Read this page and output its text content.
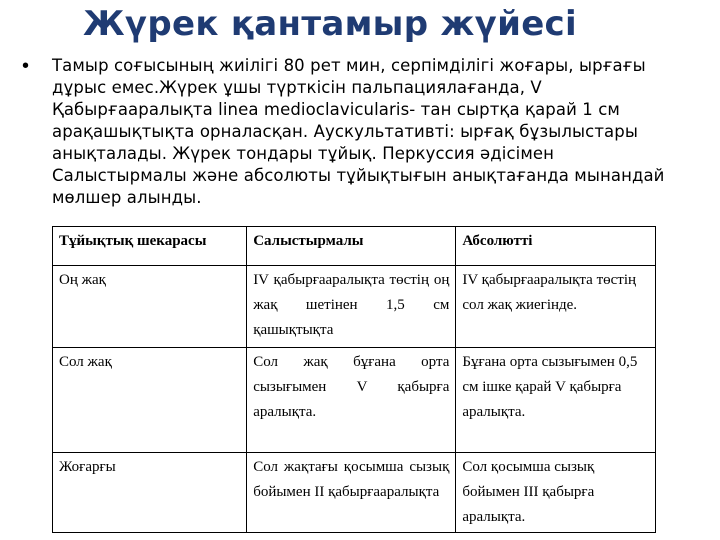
Жүрек қантамыр жүйесі
• Тамыр соғысының жиілігі 80 рет мин, серпімділігі жоғары, ырғағы дұрыс емес.Жүрек ұшы түрткісін пальпациялағанда, V Қабырғааралықта linea medioclavicularis- тан сыртқа қарай 1 см арақашықтықта орналасқан. Аускультативті: ырғақ бұзылыстары анықталады. Жүрек тондары тұйық. Перкуссия әдісімен Салыстырмалы және абсолюты тұйықтығын анықтағанда мынандай мөлшер алынды.
Тұйықтық шекарасы	Салыстырмалы	Абсолютті
Оң жақ	IV қабырғааралықта төстің оң жақ шетінен 1,5 см қашықтықта	IV қабырғааралықта төстің сол жақ жиегінде.
Сол жақ	Сол жақ бұғана орта сызығымен V қабырға аралықта.	Бұғана орта сызығымен 0,5 см ішке қарай V қабырға аралықта.
Жоғарғы	Сол жақтағы қосымша сызық бойымен II қабырғааралықта	Сол қосымша сызық бойымен III қабырға аралықта.
